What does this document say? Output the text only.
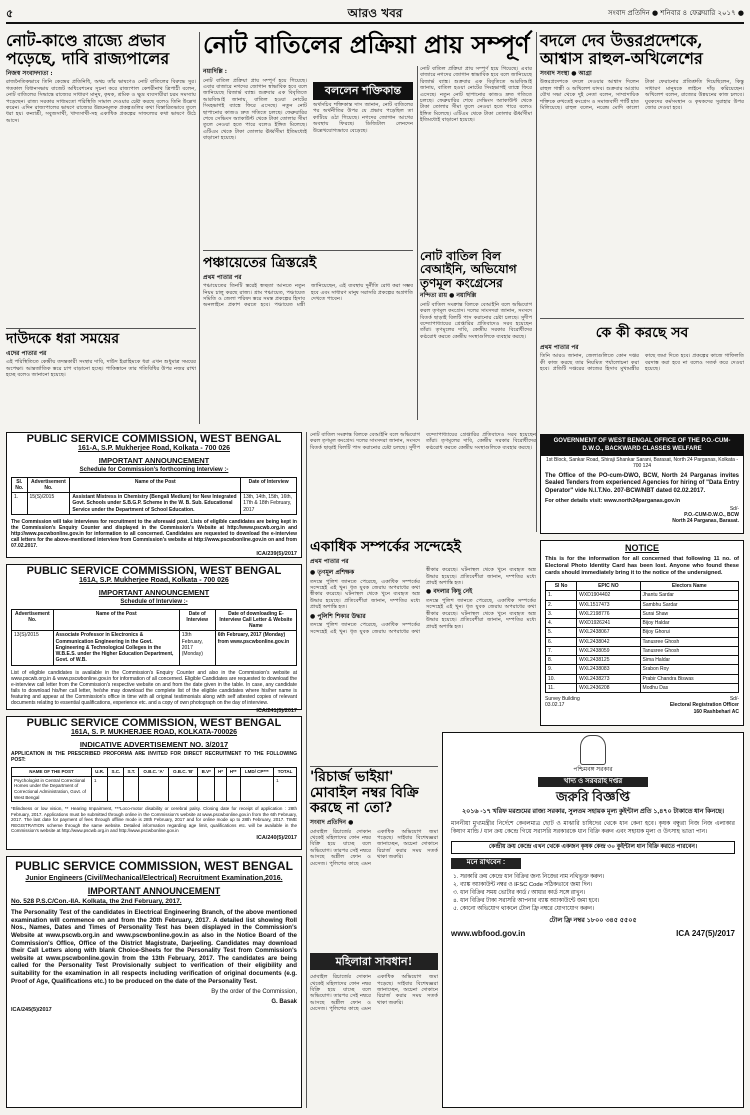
৫	আরও খবর	সংবাদ প্রতিদিন ● শনিবার ৪ ফেব্রুয়ারি ২০১৭ ●
নোট-কাণ্ডে রাজ্যে প্রভাব পড়েছে, দাবি রাজ্যপালের
নিজস্ব সংবাদদাতা :
রাজনৈতিকভাবে তিনি কেন্দ্রের প্রতিনিধি, অথচ তাঁর ভাষণেও নোট বাতিলের বিরুদ্ধে সুর। গতকাল বিধানসভায় বাজেট অধিবেশনের সূচনা করে রাজ্যপাল কেশরীনাথ ত্রিপাঠী বলেন, নোট বাতিলের সিদ্ধান্তে রাজ্যের সাধারণ মানুষ, কৃষক, শ্রমিক ও ক্ষুদ্র ব্যবসায়ীরা চরম সমস্যায় পড়েছেন। রাজ্য সরকার সাধ্যমতো পরিস্থিতি সামাল দেওয়ার চেষ্টা করছে বলেও তিনি উল্লেখ করেন। এদিন রাজ্যপালের ভাষণে রাজ্যের উন্নয়নমূলক প্রকল্পগুলির কথা বিস্তারিতভাবে তুলে ধরা হয়। কন্যাশ্রী, সবুজসাথী, খাদ্যসাথী-সহ একাধিক প্রকল্পের সাফল্যের কথা ভাষণে উঠে আসে।
দাউদকে ধরা সময়ের
এদের পাতার পর
এই পরিস্থিতিতে কেন্দ্রীয় তদন্তকারী সংস্থার দাবি, দাউদ ইব্রাহিমকে ধরা এখন শুধুমাত্র সময়ের অপেক্ষা। আন্তর্জাতিক স্তরে চাপ বাড়ানো হচ্ছে। পাকিস্তানে তার গতিবিধির উপর নজর রাখা হচ্ছে বলেও জানানো হয়েছে।
নোট বাতিলের প্রক্রিয়া প্রায় সম্পূর্ণ
নয়াদিল্লি :
নোট বাতিল প্রক্রিয়া প্রায় সম্পূর্ণ হয়ে গিয়েছে। এবার বাজারে নগদের জোগান স্বাভাবিক হবে বলে জানিয়েছে রিজার্ভ ব্যাঙ্ক। শুক্রবার এক বিবৃতিতে আরবিআই জানায়, বাতিল হওয়া নোটের সিংহভাগই ব্যাঙ্কে ফিরে এসেছে। নতুন নোট ছাপানোর কাজও দ্রুত গতিতে চলছে। ফেব্রুয়ারির শেষে সেভিংস অ্যাকাউন্ট থেকে টাকা তোলার সীমা তুলে নেওয়া হতে পারে বলেও ইঙ্গিত মিলেছে। এটিএম থেকে টাকা তোলার ঊর্ধ্বসীমা ইতিমধ্যেই বাড়ানো হয়েছে।
বললেন শক্তিকান্ত
অর্থসচিব শক্তিকান্ত দাস জানান, নোট বাতিলের পর অর্থনীতির উপর যে প্রভাব পড়েছিল তা কাটিয়ে ওঠা গিয়েছে। নগদের জোগান আগের অবস্থায় ফিরছে। ডিজিটাল লেনদেন উল্লেখযোগ্যভাবে বেড়েছে।
পঞ্চায়েতের ত্রিস্তরেই
প্রথম পাতার পর
পঞ্চায়েতের তিনটি স্তরেই স্বচ্ছতা আনতে নতুন নিয়ম চালু করছে রাজ্য। গ্রাম পঞ্চায়েত, পঞ্চায়েত সমিতি ও জেলা পরিষদ স্তরে সমস্ত প্রকল্পের হিসাব অনলাইনে প্রকাশ করতে হবে। পঞ্চায়েত মন্ত্রী জানিয়েছেন, এই ব্যবস্থায় দুর্নীতি রোধ করা সম্ভব হবে এবং সাধারণ মানুষ সরাসরি প্রকল্পের অগ্রগতি দেখতে পাবেন।
নোট বাতিল প্রক্রিয়া প্রায় সম্পূর্ণ হয়ে গিয়েছে। এবার বাজারে নগদের জোগান স্বাভাবিক হবে বলে জানিয়েছে রিজার্ভ ব্যাঙ্ক। শুক্রবার এক বিবৃতিতে আরবিআই জানায়, বাতিল হওয়া নোটের সিংহভাগই ব্যাঙ্কে ফিরে এসেছে। নতুন নোট ছাপানোর কাজও দ্রুত গতিতে চলছে। ফেব্রুয়ারির শেষে সেভিংস অ্যাকাউন্ট থেকে টাকা তোলার সীমা তুলে নেওয়া হতে পারে বলেও ইঙ্গিত মিলেছে। এটিএম থেকে টাকা তোলার ঊর্ধ্বসীমা ইতিমধ্যেই বাড়ানো হয়েছে।
নোট বাতিল বিল বেআইনি, অভিযোগ তৃণমূল কংগ্রেসের
নন্দিতা রায় ● নয়াদিল্লি
নোট বাতিল সংক্রান্ত বিলকে বেআইনি বলে অভিযোগ করল তৃণমূল কংগ্রেস। দলের সাংসদরা জানান, সংসদে বিতর্ক ছাড়াই বিলটি পাস করানোর চেষ্টা চলছে। সুদীপ বন্দ্যোপাধ্যায়ের গ্রেপ্তারির প্রতিবাদেও সরব হয়েছেন তাঁরা। তৃণমূলের দাবি, কেন্দ্রীয় সরকার বিরোধীদের কণ্ঠরোধ করতে কেন্দ্রীয় সংস্থাগুলিকে ব্যবহার করছে।
বদলে দেব উত্তরপ্রদেশকে, আশ্বাস রাহুল-অখিলেশের
সংবাদ সংস্থা ● আগ্রা
উত্তরপ্রদেশকে বদলে দেওয়ার আশ্বাস দিলেন রাহুল গান্ধী ও অখিলেশ যাদব। শুক্রবার আগ্রায় যৌথ সভা থেকে দুই নেতা বলেন, সাম্প্রদায়িক শক্তিকে রুখতেই কংগ্রেস ও সমাজবাদী পার্টি হাত মিলিয়েছে। রাহুল বলেন, নরেন্দ্র মোদি কালো টাকা ফেরানোর প্রতিশ্রুতি দিয়েছিলেন, কিন্তু সাধারণ মানুষকে লাইনে দাঁড় করিয়েছেন। অখিলেশ বলেন, রাজ্যের উন্নয়নের কাজ চলবে। যুবকদের কর্মসংস্থান ও কৃষকদের সুরাহার উপর জোর দেওয়া হবে।
কে কী করছে সব
প্রথম পাতার পর
তিনি আরও জানান, জেলাগুলিতে কোন দপ্তর কী কাজ করছে তার নিয়মিত পর্যালোচনা করা হবে। প্রতিটি দপ্তরের কাজের হিসাব মুখ্যমন্ত্রীর কাছে জমা দিতে হবে। প্রকল্পের কাজে গাফিলতি বরদাস্ত করা হবে না বলেও সতর্ক করে দেওয়া হয়েছে।
PUBLIC SERVICE COMMISSION, WEST BENGAL
161-A, S.P. Mukherjee Road, Kolkata - 700 026
IMPORTANT ANNOUNCEMENT
Schedule for Commission's forthcoming Interview :-
Sl. No.	Advertisement No.	Name of the Post	Date of Interview
1.	15(S)/2015	Assistant Mistress in Chemistry (Bengali Medium) for New Integrated Govt. Schools under S.B.G.P. Scheme in the W. B. Sub. Educational Service under the Department of School Education.	13th, 14th, 15th, 16th, 17th & 18th February, 2017
The Commission will take interviews for recruitment to the aforesaid post. Lists of eligible candidates are being kept in the Commission's Enquiry Counter and displayed in the Commission's Website at http://www.pscwb.org.in and http://www.pscwbonline.gov.in for information to all concerned. Candidates are requested to download the e-interview call letters for the above-mentioned interview from Commission's website at http://www.pscwbonline.gov.in on and from 07.02.2017.
ICA/239(5)/2017
PUBLIC SERVICE COMMISSION, WEST BENGAL
161A, S.P. Mukherjee Road, Kolkata - 700 026
IMPORTANT ANNOUNCEMENT
Schedule of Interview :-
Advertisement No.	Name of the Post	Date of Interview	Date of downloading E-Interview Call Letter & Website Name
13(S)/2015	Associate Professor in Electronics & Communication Engineering in the Govt. Engineering & Technological Colleges in the W.B.E.S. under the Higher Education Department, Govt. of W.B.	13th February, 2017 (Monday)	6th February, 2017 (Monday) from www.pscwbonline.gov.in
List of eligible candidates is available in the Commission's Enquiry Counter and also in the Commission's website at www.pscwb.org.in & www.pscwbonline.gov.in for information of all concerned. Eligible Candidates are requested to download the e-interview call letter from the Commission's respective website on and from the date given in the table. In case, any candidate fails to download his/her call letter, he/she may download the complete list of the eligible candidates where his/her name is featuring and appear at the Commission's office in time with all original testimonials along with self attested copies of relevant documents relating to essential qualifications, experience etc. and a copy of own photograph on the day of interview.
ICA/241(5)/2017
PUBLIC SERVICE COMMISSION, WEST BENGAL
161A, S. P. MUKHERJEE ROAD, KOLKATA-700026
INDICATIVE ADVERTISEMENT NO. 3/2017
APPLICATION IN THE PRESCRIBED PROFORMA ARE INVITED FOR DIRECT RECRUITMENT TO THE FOLLOWING POST:
NAME OF THE POST	U.R.	S.C.	S.T.	O.B.C. 'A'	O.B.C. 'B'	B.V*	H*	H**	LMD/ CP***	TOTAL
Psychologist in Central Correctional Homes under the Department of Correctional Administration, Govt. of West Bengal	1									1
*Blindness or low vision, ** Hearing Impairment, ***Loco-motor disability or cerebral palsy. Closing date for receipt of application : 28th February, 2017. Applications must be submitted through online in the Commission's website at www.pscwbonline.gov.in from the 6th February, 2017. The last date for payment of fees through offline mode is 28th February, 2017 and for online mode up to 28th February, 2017. TIME REGISTRATION scheme through the same website. Detailed information regarding age limit, qualifications etc. will be available in the Commission's website at http://www.pscwb.org.in and http://www.pscwbonline.gov.in
ICA/240(5)/2017
PUBLIC SERVICE COMMISSION, WEST BENGAL
Junior Engineers (Civil/Mechanical/Electrical) Recruitment Examination,2016.
IMPORTANT ANNOUNCEMENT
No. 528 P.S.C/Con.-IIA. Kolkata, the 2nd February, 2017.
The Personality Test of the candidates in Electrical Engineering Branch, of the above mentioned examination will commence on and from the 20th February, 2017. A detailed list showing Roll Nos., Names, Dates and Times of Personality Test has been displayed in the Commission's Website at www.pscwb.org.in and www.pscwbonline.gov.in as also in the Notice Board of the Commission's Office, Office of the District Magistrate, Darjeeling. Candidates may download their Call Letters along with blank Choice-Sheets for the Personality Test from Commission's website at www.pscwbonline.gov.in from the 13th February, 2017. The candidates are being called for the Personality Test Provisionally subject to verification of their eligibility and suitability for the examination in all respects including verification of original documents (e.g. Proof of Age, Qualifications etc.) to be produced on the date of the Personality Test.
By the order of the Commission,
G. Basak
ICA/245(5)/2017
একাধিক সম্পর্কের সন্দেহেই
প্রথম পাতার পর
● তৃণমূল প্রশিক্ষক
তদন্তে পুলিশ জানতে পেরেছে, একাধিক সম্পর্কের সন্দেহেই এই খুন। ধৃত যুবক জেরায় অপরাধের কথা স্বীকার করেছে। ঘটনাস্থল থেকে খুনে ব্যবহৃত অস্ত্র উদ্ধার হয়েছে। প্রতিবেশীরা জানান, দম্পতির মধ্যে প্রায়ই অশান্তি হত।
● পুলিশি শিকার উদ্ধার
তদন্তে পুলিশ জানতে পেরেছে, একাধিক সম্পর্কের সন্দেহেই এই খুন। ধৃত যুবক জেরায় অপরাধের কথা স্বীকার করেছে। ঘটনাস্থল থেকে খুনে ব্যবহৃত অস্ত্র উদ্ধার হয়েছে। প্রতিবেশীরা জানান, দম্পতির মধ্যে প্রায়ই অশান্তি হত।
● বদলার কিছু নেই
তদন্তে পুলিশ জানতে পেরেছে, একাধিক সম্পর্কের সন্দেহেই এই খুন। ধৃত যুবক জেরায় অপরাধের কথা স্বীকার করেছে। ঘটনাস্থল থেকে খুনে ব্যবহৃত অস্ত্র উদ্ধার হয়েছে। প্রতিবেশীরা জানান, দম্পতির মধ্যে প্রায়ই অশান্তি হত।
নোট বাতিল সংক্রান্ত বিলকে বেআইনি বলে অভিযোগ করল তৃণমূল কংগ্রেস। দলের সাংসদরা জানান, সংসদে বিতর্ক ছাড়াই বিলটি পাস করানোর চেষ্টা চলছে। সুদীপ বন্দ্যোপাধ্যায়ের গ্রেপ্তারির প্রতিবাদেও সরব হয়েছেন তাঁরা। তৃণমূলের দাবি, কেন্দ্রীয় সরকার বিরোধীদের কণ্ঠরোধ করতে কেন্দ্রীয় সংস্থাগুলিকে ব্যবহার করছে।
'রিচার্জ ভাইয়া' মোবাইল নম্বর বিক্রি করছে না তো?
সংবাদ প্রতিদিন ●
মোবাইল রিচার্জের দোকান থেকেই মহিলাদের ফোন নম্বর বিক্রি হয়ে যাচ্ছে বলে অভিযোগ। তারপর সেই নম্বরে আসছে অশ্লীল ফোন ও মেসেজ। পুলিশের কাছে এমন একাধিক অভিযোগ জমা পড়েছে। সাইবার বিশেষজ্ঞরা জানাচ্ছেন, অচেনা দোকানে রিচার্জ করার সময় সতর্ক থাকা জরুরি।
মহিলারা সাবধান!
মোবাইল রিচার্জের দোকান থেকেই মহিলাদের ফোন নম্বর বিক্রি হয়ে যাচ্ছে বলে অভিযোগ। তারপর সেই নম্বরে আসছে অশ্লীল ফোন ও মেসেজ। পুলিশের কাছে এমন একাধিক অভিযোগ জমা পড়েছে। সাইবার বিশেষজ্ঞরা জানাচ্ছেন, অচেনা দোকানে রিচার্জ করার সময় সতর্ক থাকা জরুরি।
GOVERNMENT OF WEST BENGAL OFFICE OF THE P.O.-CUM-D.W.O., BACKWARD CLASSES WELFARE
1st Block, Sankar Road, Shiraji Shankar Sarani, Barasat, North 24 Parganas, Kolkata - 700 124
The Office of the PO-cum-DWO, BCW, North 24 Parganas invites Sealed Tenders from experienced Agencies for hiring of "Data Entry Operator" vide N.I.T.No. 207-BCW/NBT dated 02.02.2017.
For other details visit: www.north24parganas.gov.in
Sd/-
P.O.-CUM-D.W.O., BCW
North 24 Parganas, Barasat.
NOTICE
This is for the information for all concerned that following 11 no. of Electoral Photo Identity Card has been lost. Anyone who found these cards should immediately bring it to the notice of the undersigned.
Sl No	EPIC NO	Electors Name
1.	WXD1904402	Jhantu Sardar
2.	WXL1517473	Sambhu Sardar
3.	WXL2198776	Surai Shaw
4.	WXD1926241	Bijoy Haldar
5.	WXL2438067	Bijoy Ghorui
6.	WXL2438042	Tanusree Ghosh
7.	WXL2438059	Tanusree Ghosh
8.	WXL2438125	Sima Haldar
9.	WXL2438083	Srabon Roy
10.	WXL2438273	Prabir Chandra Biswas
11.	WXL2436208	Modhu Das
Survey Building
03.02.17
Sd/-
Electoral Registration Officer
160 Rashbehari AC
পশ্চিমবঙ্গ সরকার
খাদ্য ও সরবরাহ দপ্তর
জরুরি বিজ্ঞপ্তি
২০১৬ -১৭ খরিফ মরশুমের রাজ্য সরকার, সুলতম সহায়ক মূল্য কুইন্টাল প্রতি ১,৪৭০ টাকাতে ধান কিনছে।
মাননীয়া মুখ্যমন্ত্রীর নির্দেশে কেবলমাত্র ছোট ও মাঝারি চাষিদের থেকে ধান কেনা হবে। কৃষক বন্ধুরা নিজ নিজ এলাকার কিষাণ মান্ডি / ধান ক্রয় কেন্দ্রে গিয়ে সরাসরি সরকারকে ধান বিক্রি করুন এবং সহায়ক মূল্য ও উৎসাহ ভাতা পান।
কেন্দ্রীয় ক্রয় কেন্দ্রে এখন থেকে একজন কৃষক কেন্দ্র ৩০ কুইন্টাল ধান বিক্রি করতে পারবেন।
মনে রাখবেন :
১. সরকারি ক্রয় কেন্দ্রে ধান বিক্রির জন্য নিজের নাম নথিভুক্ত করুন।
২. ব্যাঙ্ক অ্যাকাউন্ট নম্বর ও IFSC Code সঠিকভাবে জমা দিন।
৩. ধান বিক্রির সময় ভোটার কার্ড / আধার কার্ড সঙ্গে রাখুন।
৪. ধান বিক্রির টাকা সরাসরি আপনার ব্যাঙ্ক অ্যাকাউন্টে জমা হবে।
৫. কোনো অভিযোগ থাকলে টোল ফ্রি নম্বরে যোগাযোগ করুন।
টোল ফ্রি নম্বর ১৮০০ ৩৪৫ ৫৫০৫
www.wbfood.gov.in	ICA 247(5)/2017
